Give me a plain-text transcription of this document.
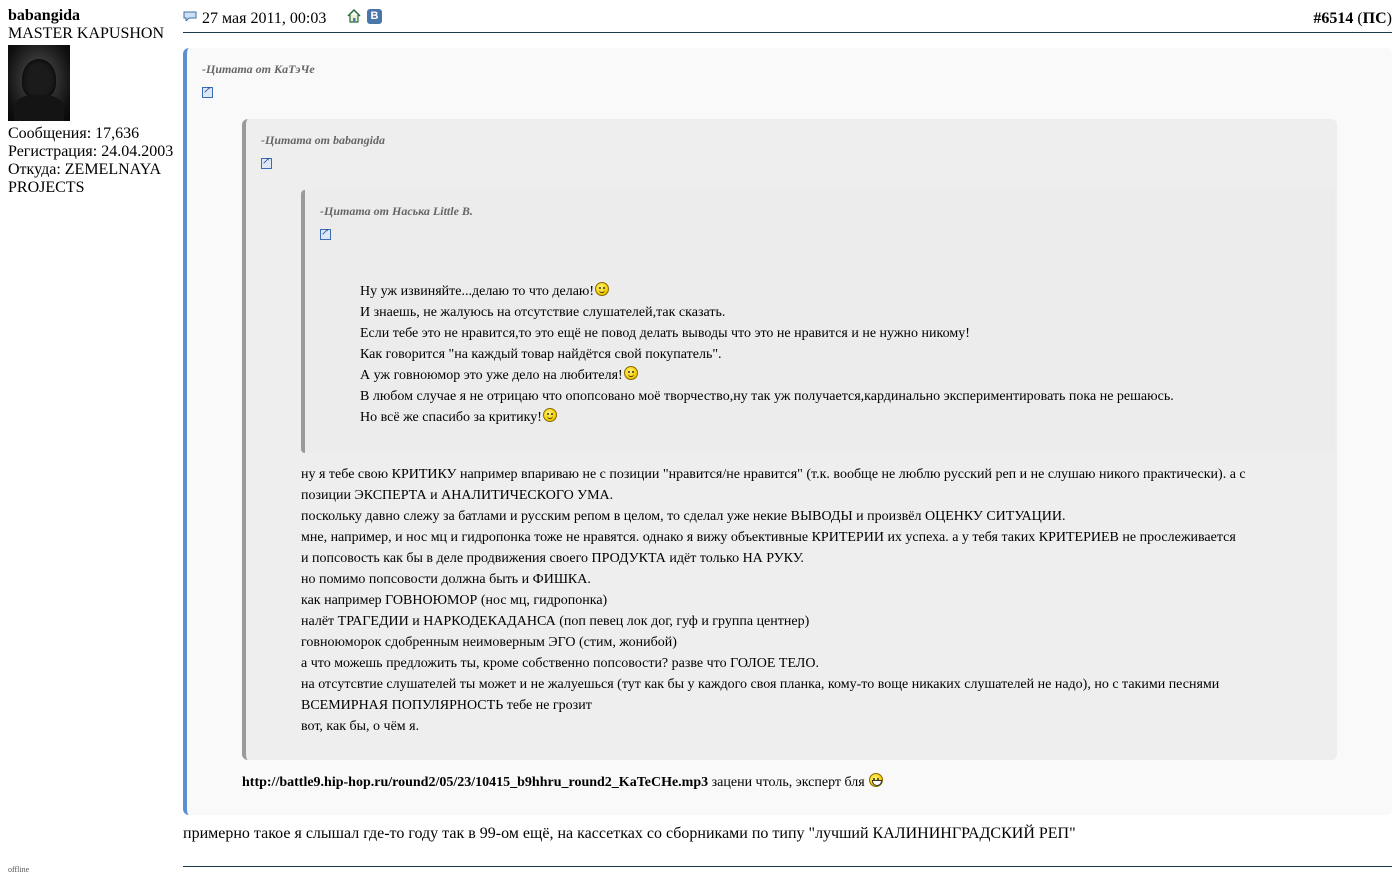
babangida
MASTER KAPUSHON
Сообщения: 17,636
Регистрация: 24.04.2003
Откуда: ZEMELNAYA
PROJECTS
offline
27 мая 2011, 00:03	В	#6514 (ПС)
-Цитата от КаТэЧе
↗
-Цитата от babangida
↗
-Цитата от Наська Little B.
↗
Ну уж извиняйте...делаю то что делаю!
И знаешь, не жалуюсь на отсутствие слушателей,так сказать.
Если тебе это не нравится,то это ещё не повод делать выводы что это не нравится и не нужно никому!
Как говорится "на каждый товар найдётся свой покупатель".
А уж говноюмор это уже дело на любителя!
В любом случае я не отрицаю что опопсовано моё творчество,ну так уж получается,кардинально экспериментировать пока не решаюсь.
Но всё же спасибо за критику!
ну я тебе свою КРИТИКУ например впариваю не с позиции "нравится/не нравится" (т.к. вообще не люблю русский реп и не слушаю никого практически). а с
позиции ЭКСПЕРТА и АНАЛИТИЧЕСКОГО УМА.
поскольку давно слежу за батлами и русским репом в целом, то сделал уже некие ВЫВОДЫ и произвёл ОЦЕНКУ СИТУАЦИИ.
мне, например, и нос мц и гидропонка тоже не нравятся. однако я вижу объективные КРИТЕРИИ их успеха. а у тебя таких КРИТЕРИЕВ не прослеживается
и попсовость как бы в деле продвижения своего ПРОДУКТА идёт только НА РУКУ.
но помимо попсовости должна быть и ФИШКА.
как например ГОВНОЮМОР (нос мц, гидропонка)
налёт ТРАГЕДИИ и НАРКОДЕКАДАНСА (поп певец лок дог, гуф и группа центнер)
говноюморок сдобренным неимоверным ЭГО (стим, жонибой)
а что можешь предложить ты, кроме собственно попсовости? разве что ГОЛОЕ ТЕЛО.
на отсутсвтие слушателей ты может и не жалуешься (тут как бы у каждого своя планка, кому-то воще никаких слушателей не надо), но с такими песнями
ВСЕМИРНАЯ ПОПУЛЯРНОСТЬ тебе не грозит
вот, как бы, о чём я.
http://battle9.hip-hop.ru/round2/05/23/10415_b9hhru_round2_KaTeCHe.mp3 зацени чтоль, эксперт бля
примерно такое я слышал где-то году так в 99-ом ещё, на кассетках со сборниками по типу "лучший КАЛИНИНГРАДСКИЙ РЕП"
